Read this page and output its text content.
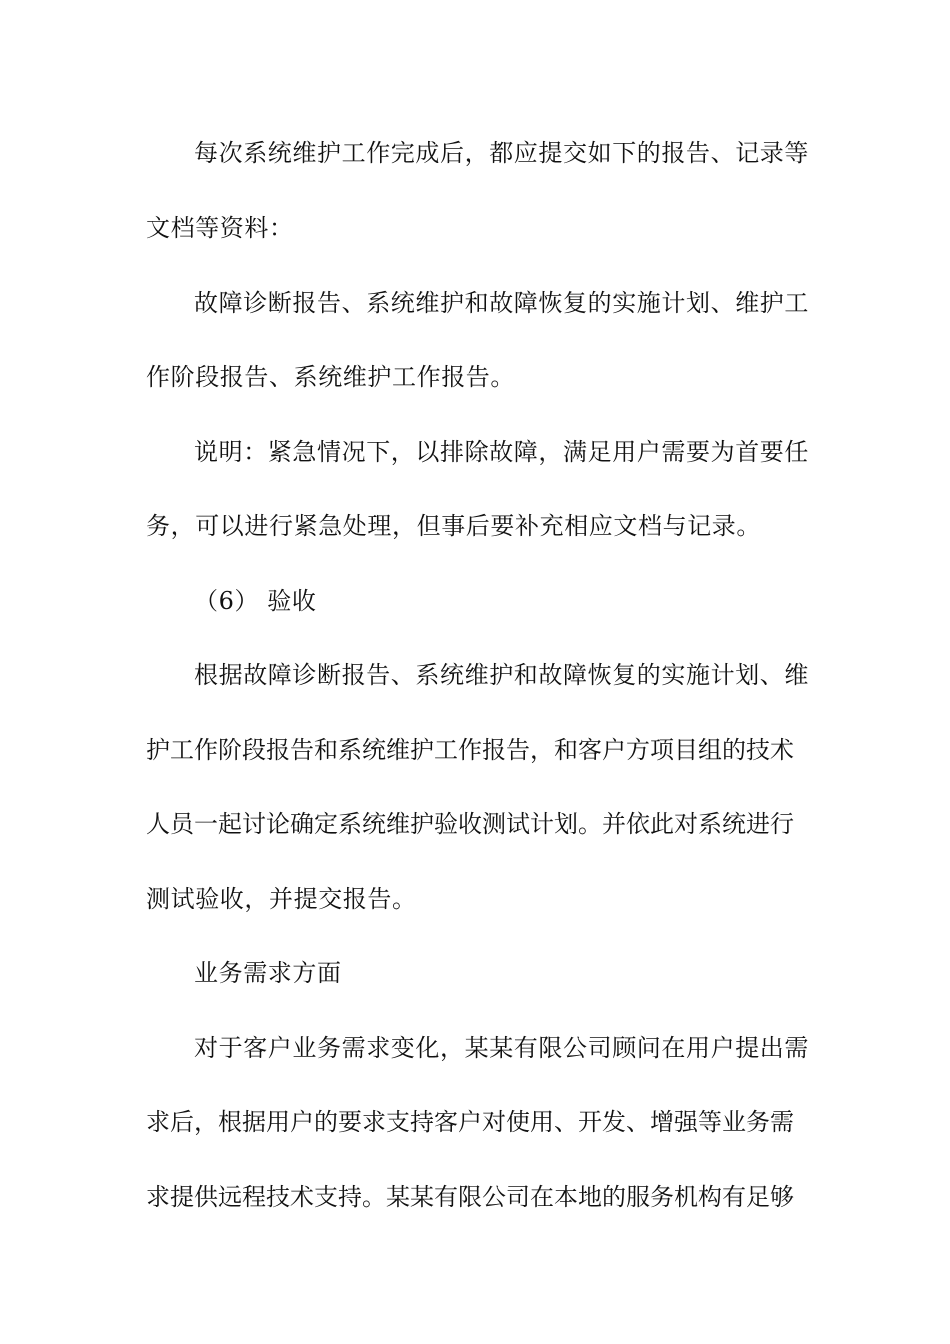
每次系统维护工作完成后，都应提交如下的报告、记录等

文档等资料：

故障诊断报告、系统维护和故障恢复的实施计划、维护工

作阶段报告、系统维护工作报告。

说明：紧急情况下，以排除故障，满足用户需要为首要任

务，可以进行紧急处理，但事后要补充相应文档与记录。

（6） 验收

根据故障诊断报告、系统维护和故障恢复的实施计划、维

护工作阶段报告和系统维护工作报告，和客户方项目组的技术

人员一起讨论确定系统维护验收测试计划。并依此对系统进行

测试验收，并提交报告。

业务需求方面

对于客户业务需求变化，某某有限公司顾问在用户提出需

求后，根据用户的要求支持客户对使用、开发、增强等业务需

求提供远程技术支持。某某有限公司在本地的服务机构有足够
